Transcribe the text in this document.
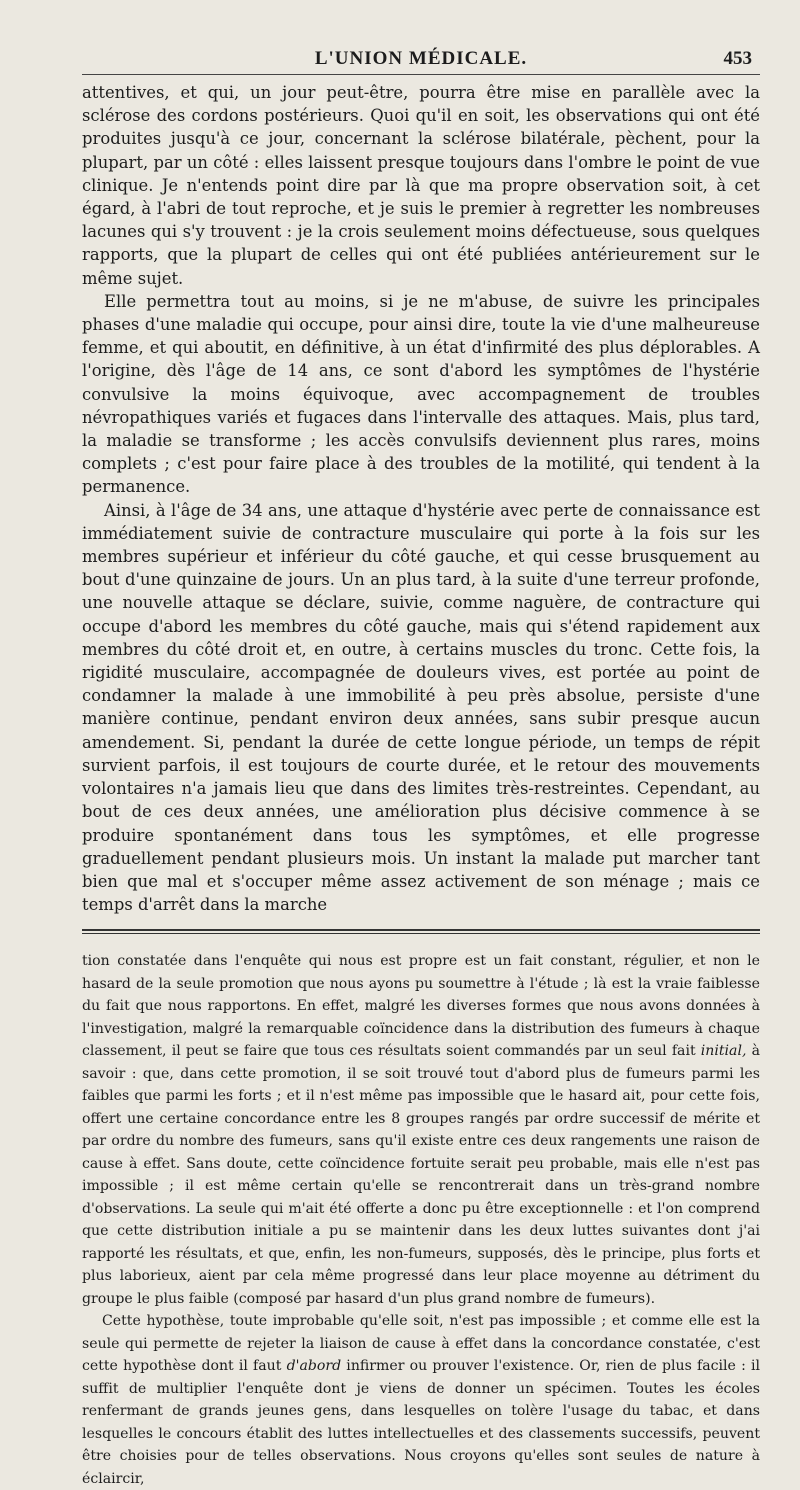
L'UNION MÉDICALE.	453

attentives, et qui, un jour peut-être, pourra être mise en parallèle avec la sclérose des cordons postérieurs. Quoi qu'il en soit, les observations qui ont été produites jusqu'à ce jour, concernant la sclérose bilatérale, pèchent, pour la plupart, par un côté : elles laissent presque toujours dans l'ombre le point de vue clinique. Je n'entends point dire par là que ma propre observation soit, à cet égard, à l'abri de tout reproche, et je suis le premier à regretter les nombreuses lacunes qui s'y trouvent : je la crois seulement moins défectueuse, sous quelques rapports, que la plupart de celles qui ont été publiées antérieurement sur le même sujet.

Elle permettra tout au moins, si je ne m'abuse, de suivre les principales phases d'une maladie qui occupe, pour ainsi dire, toute la vie d'une malheureuse femme, et qui aboutit, en définitive, à un état d'infirmité des plus déplorables. A l'origine, dès l'âge de 14 ans, ce sont d'abord les symptômes de l'hystérie convulsive la moins équivoque, avec accompagnement de troubles névropathiques variés et fugaces dans l'intervalle des attaques. Mais, plus tard, la maladie se transforme ; les accès convulsifs deviennent plus rares, moins complets ; c'est pour faire place à des troubles de la motilité, qui tendent à la permanence.

Ainsi, à l'âge de 34 ans, une attaque d'hystérie avec perte de connaissance est immédiatement suivie de contracture musculaire qui porte à la fois sur les membres supérieur et inférieur du côté gauche, et qui cesse brusquement au bout d'une quinzaine de jours. Un an plus tard, à la suite d'une terreur profonde, une nouvelle attaque se déclare, suivie, comme naguère, de contracture qui occupe d'abord les membres du côté gauche, mais qui s'étend rapidement aux membres du côté droit et, en outre, à certains muscles du tronc. Cette fois, la rigidité musculaire, accompagnée de douleurs vives, est portée au point de condamner la malade à une immobilité à peu près absolue, persiste d'une manière continue, pendant environ deux années, sans subir presque aucun amendement. Si, pendant la durée de cette longue période, un temps de répit survient parfois, il est toujours de courte durée, et le retour des mouvements volontaires n'a jamais lieu que dans des limites très-restreintes. Cependant, au bout de ces deux années, une amélioration plus décisive commence à se produire spontanément dans tous les symptômes, et elle progresse graduellement pendant plusieurs mois. Un instant la malade put marcher tant bien que mal et s'occuper même assez activement de son ménage ; mais ce temps d'arrêt dans la marche

tion constatée dans l'enquête qui nous est propre est un fait constant, régulier, et non le hasard de la seule promotion que nous ayons pu soumettre à l'étude ; là est la vraie faiblesse du fait que nous rapportons. En effet, malgré les diverses formes que nous avons données à l'investigation, malgré la remarquable coïncidence dans la distribution des fumeurs à chaque classement, il peut se faire que tous ces résultats soient commandés par un seul fait initial, à savoir : que, dans cette promotion, il se soit trouvé tout d'abord plus de fumeurs parmi les faibles que parmi les forts ; et il n'est même pas impossible que le hasard ait, pour cette fois, offert une certaine concordance entre les 8 groupes rangés par ordre successif de mérite et par ordre du nombre des fumeurs, sans qu'il existe entre ces deux rangements une raison de cause à effet. Sans doute, cette coïncidence fortuite serait peu probable, mais elle n'est pas impossible ; il est même certain qu'elle se rencontrerait dans un très-grand nombre d'observations. La seule qui m'ait été offerte a donc pu être exceptionnelle : et l'on comprend que cette distribution initiale a pu se maintenir dans les deux luttes suivantes dont j'ai rapporté les résultats, et que, enfin, les non-fumeurs, supposés, dès le principe, plus forts et plus laborieux, aient par cela même progressé dans leur place moyenne au détriment du groupe le plus faible (composé par hasard d'un plus grand nombre de fumeurs).

Cette hypothèse, toute improbable qu'elle soit, n'est pas impossible ; et comme elle est la seule qui permette de rejeter la liaison de cause à effet dans la concordance constatée, c'est cette hypothèse dont il faut d'abord infirmer ou prouver l'existence. Or, rien de plus facile : il suffit de multiplier l'enquête dont je viens de donner un spécimen. Toutes les écoles renfermant de grands jeunes gens, dans lesquelles on tolère l'usage du tabac, et dans lesquelles le concours établit des luttes intellectuelles et des classements successifs, peuvent être choisies pour de telles observations. Nous croyons qu'elles sont seules de nature à éclaircir,
